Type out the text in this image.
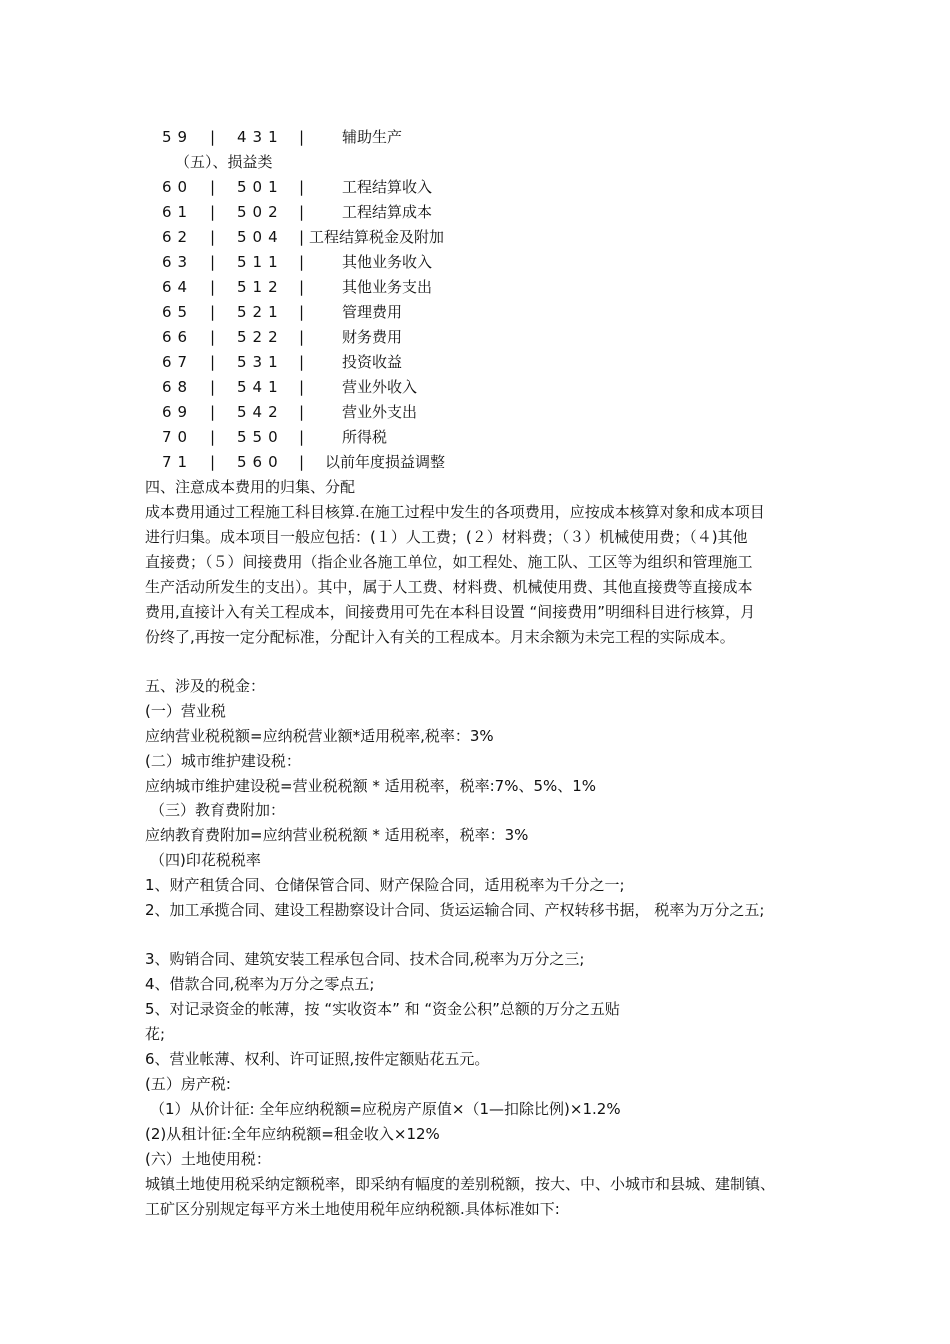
59 | 431 |	辅助生产
（五）、损益类
60 | 501 |	工程结算收入
61 | 502 |	工程结算成本
62 | 504 | 工程结算税金及附加
63 | 511 |	其他业务收入
64 | 512 |	其他业务支出
65 | 521 |	管理费用
66 | 522 |	财务费用
67 | 531 |	投资收益
68 | 541 |	营业外收入
69 | 542 |	营业外支出
70 | 550 |	所得税
71 | 560 | 以前年度损益调整
四、注意成本费用的归集、分配
成本费用通过工程施工科目核算.在施工过程中发生的各项费用，应按成本核算对象和成本项目
进行归集。成本项目一般应包括：(１）人工费；(２）材料费；（３）机械使用费；（４)其他
直接费；（５）间接费用（指企业各施工单位，如工程处、施工队、工区等为组织和管理施工
生产活动所发生的支出）。其中，属于人工费、材料费、机械使用费、其他直接费等直接成本
费用,直接计入有关工程成本，间接费用可先在本科目设置 “间接费用”明细科目进行核算，月
份终了,再按一定分配标准，分配计入有关的工程成本。月末余额为未完工程的实际成本。
五、涉及的税金：
(一）营业税
应纳营业税税额=应纳税营业额*适用税率,税率：3%
(二）城市维护建设税：
应纳城市维护建设税=营业税税额 * 适用税率，税率:7%、5%、1%
（三）教育费附加：
应纳教育费附加=应纳营业税税额 * 适用税率，税率：3%
（四)印花税税率
1、财产租赁合同、仓储保管合同、财产保险合同，适用税率为千分之一;
2、加工承揽合同、建设工程勘察设计合同、货运运输合同、产权转移书据， 税率为万分之五;
3、购销合同、建筑安装工程承包合同、技术合同,税率为万分之三;
4、借款合同,税率为万分之零点五;
5、对记录资金的帐薄，按 “实收资本” 和 “资金公积”总额的万分之五贴
花;
6、营业帐薄、权利、许可证照,按件定额贴花五元。
(五）房产税:
（1）从价计征: 全年应纳税额=应税房产原值×（1—扣除比例)×1.2%
(2)从租计征:全年应纳税额=租金收入×12%
(六）土地使用税：
城镇土地使用税采纳定额税率，即采纳有幅度的差别税额，按大、中、小城市和县城、建制镇、
工矿区分别规定每平方米土地使用税年应纳税额.具体标准如下:
